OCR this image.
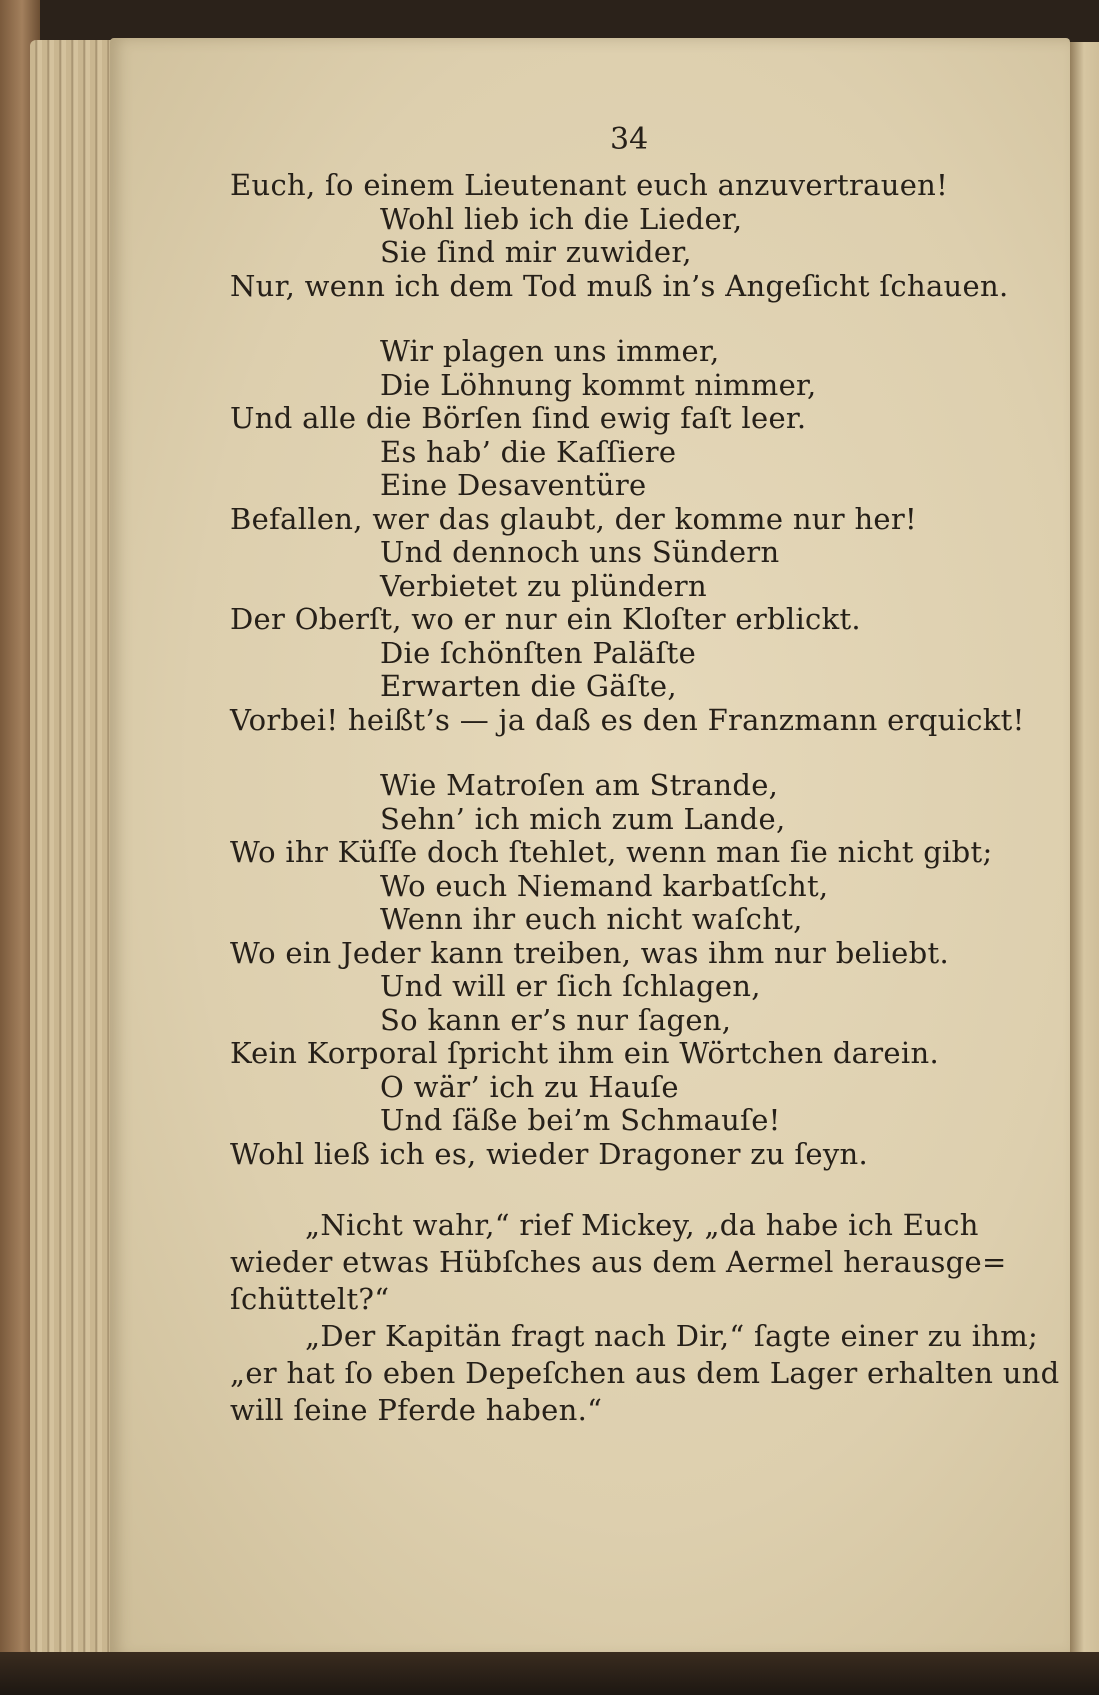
34
Euch, ſo einem Lieutenant euch anzuvertrauen!
Wohl lieb ich die Lieder,
Sie ſind mir zuwider,
Nur, wenn ich dem Tod muß in’s Angeſicht ſchauen.
Wir plagen uns immer,
Die Löhnung kommt nimmer,
Und alle die Börſen ſind ewig faſt leer.
Es hab’ die Kaſſiere
Eine Desaventüre
Befallen, wer das glaubt, der komme nur her!
Und dennoch uns Sündern
Verbietet zu plündern
Der Oberſt, wo er nur ein Kloſter erblickt.
Die ſchönſten Paläſte
Erwarten die Gäſte,
Vorbei! heißt’s — ja daß es den Franzmann erquickt!
Wie Matroſen am Strande,
Sehn’ ich mich zum Lande,
Wo ihr Küſſe doch ſtehlet, wenn man ſie nicht gibt;
Wo euch Niemand karbatſcht,
Wenn ihr euch nicht waſcht,
Wo ein Jeder kann treiben, was ihm nur beliebt.
Und will er ſich ſchlagen,
So kann er’s nur ſagen,
Kein Korporal ſpricht ihm ein Wörtchen darein.
O wär’ ich zu Hauſe
Und ſäße bei’m Schmauſe!
Wohl ließ ich es, wieder Dragoner zu ſeyn.
„Nicht wahr,“ rief Mickey, „da habe ich Euch
wieder etwas Hübſches aus dem Aermel herausge=
ſchüttelt?“
„Der Kapitän fragt nach Dir,“ ſagte einer zu ihm;
„er hat ſo eben Depeſchen aus dem Lager erhalten und
will ſeine Pferde haben.“
